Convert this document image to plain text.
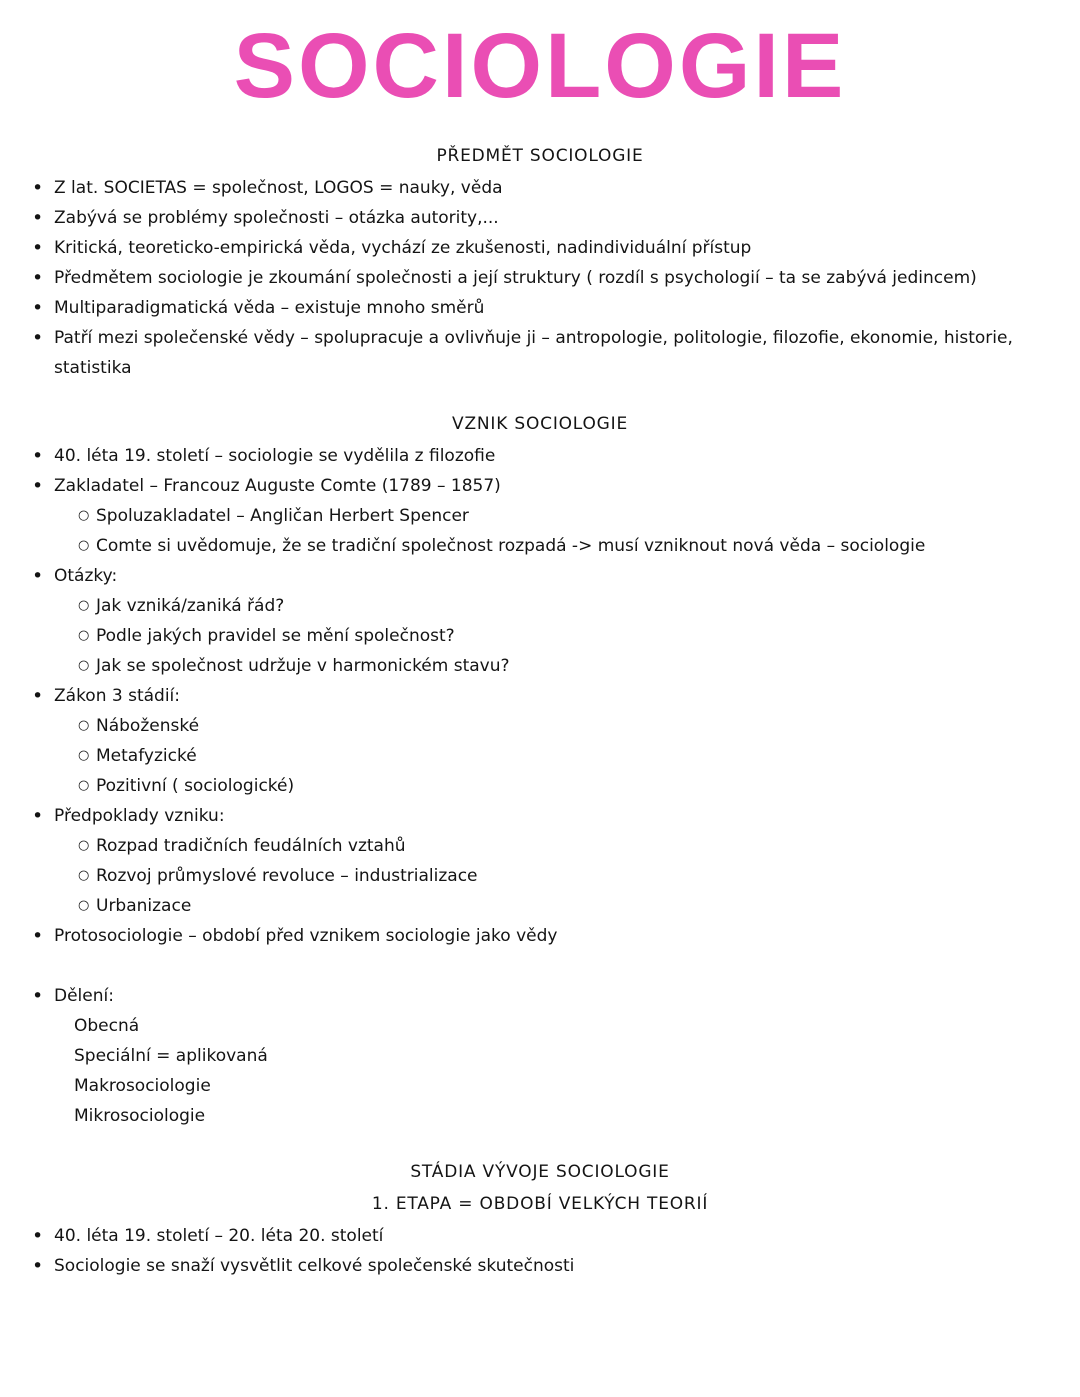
SOCIOLOGIE
PŘEDMĚT SOCIOLOGIE
• Z lat. SOCIETAS = společnost, LOGOS = nauky, věda
• Zabývá se problémy společnosti – otázka autority,...
• Kritická, teoreticko-empirická věda, vychází ze zkušenosti, nadindividuální přístup
• Předmětem sociologie je zkoumání společnosti a její struktury ( rozdíl s psychologií – ta se zabývá jedincem)
• Multiparadigmatická věda – existuje mnoho směrů
• Patří mezi společenské vědy – spolupracuje a ovlivňuje ji – antropologie, politologie, filozofie, ekonomie, historie, statistika
VZNIK SOCIOLOGIE
• 40. léta 19. století – sociologie se vydělila z filozofie
• Zakladatel – Francouz Auguste Comte (1789 – 1857)
○ Spoluzakladatel – Angličan Herbert Spencer
○ Comte si uvědomuje, že se tradiční společnost rozpadá -> musí vzniknout nová věda – sociologie
• Otázky:
○ Jak vzniká/zaniká řád?
○ Podle jakých pravidel se mění společnost?
○ Jak se společnost udržuje v harmonickém stavu?
• Zákon 3 stádií:
○ Náboženské
○ Metafyzické
○ Pozitivní ( sociologické)
• Předpoklady vzniku:
○ Rozpad tradičních feudálních vztahů
○ Rozvoj průmyslové revoluce – industrializace
○ Urbanizace
• Protosociologie – období před vznikem sociologie jako vědy
• Dělení:
Obecná
Speciální = aplikovaná
Makrosociologie
Mikrosociologie
STÁDIA VÝVOJE SOCIOLOGIE
1. ETAPA = OBDOBÍ VELKÝCH TEORIÍ
• 40. léta 19. století – 20. léta 20. století
• Sociologie se snaží vysvětlit celkové společenské skutečnosti
